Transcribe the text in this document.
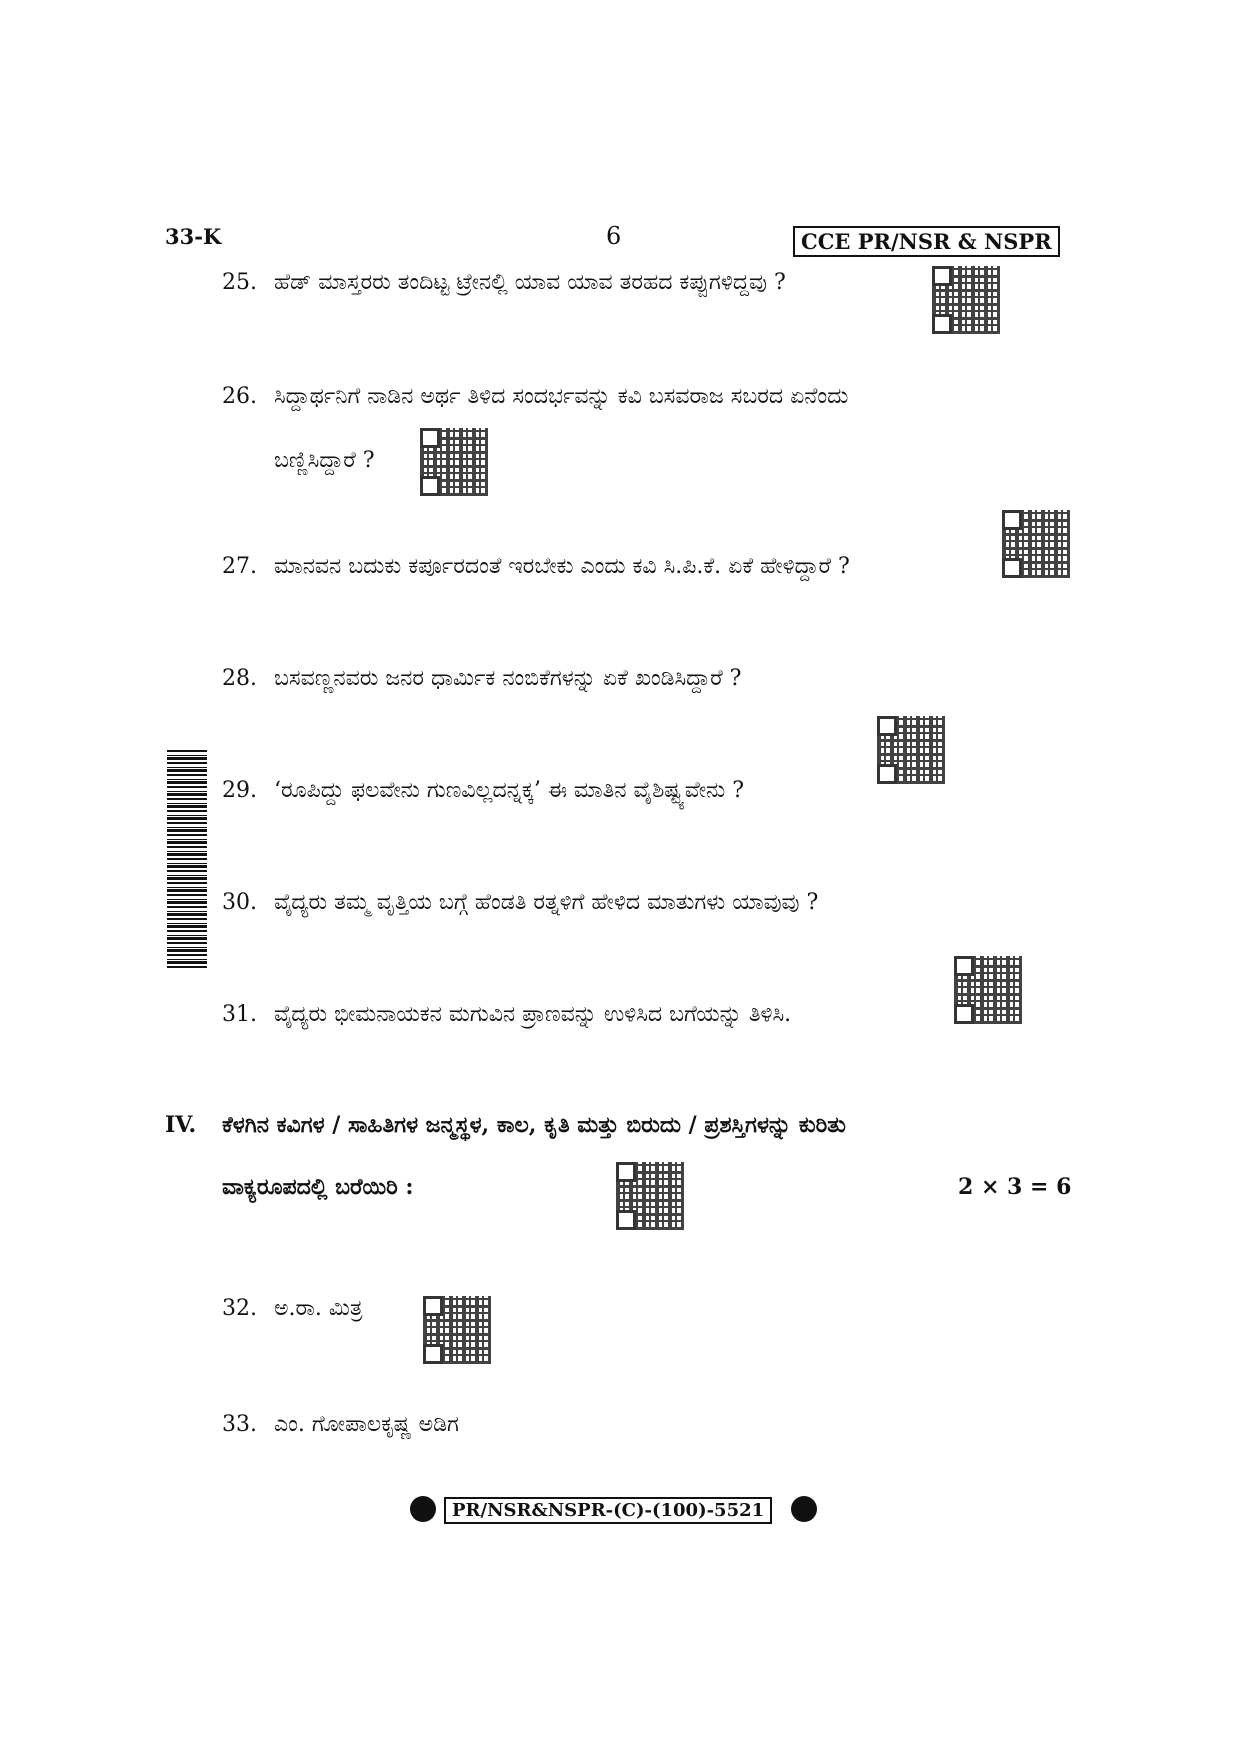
33-K	6	CCE PR/NSR & NSPR
25. ಹೆಡ್ ಮಾಸ್ತರರು ತಂದಿಟ್ಟ ಟ್ರೇನಲ್ಲಿ ಯಾವ ಯಾವ ತರಹದ ಕಪ್ಪುಗಳಿದ್ದವು ?
26. ಸಿದ್ದಾರ್ಥನಿಗೆ ನಾಡಿನ ಅರ್ಥ ತಿಳಿದ ಸಂದರ್ಭವನ್ನು ಕವಿ ಬಸವರಾಜ ಸಬರದ ಏನೆಂದು
ಬಣ್ಣಿಸಿದ್ದಾರೆ ?
27. ಮಾನವನ ಬದುಕು ಕರ್ಪೂರದಂತೆ ಇರಬೇಕು ಎಂದು ಕವಿ ಸಿ.ಪಿ.ಕೆ. ಏಕೆ ಹೇಳಿದ್ದಾರೆ ?
28. ಬಸವಣ್ಣನವರು ಜನರ ಧಾರ್ಮಿಕ ನಂಬಿಕೆಗಳನ್ನು ಏಕೆ ಖಂಡಿಸಿದ್ದಾರೆ ?
29. ‘ರೂಪಿದ್ದು ಫಲವೇನು ಗುಣವಿಲ್ಲದನ್ನಕ್ಕ’ ಈ ಮಾತಿನ ವೈಶಿಷ್ಟ್ಯವೇನು ?
30. ವೈದ್ಯರು ತಮ್ಮ ವೃತ್ತಿಯ ಬಗ್ಗೆ ಹೆಂಡತಿ ರತ್ನಳಿಗೆ ಹೇಳಿದ ಮಾತುಗಳು ಯಾವುವು ?
31. ವೈದ್ಯರು ಭೀಮನಾಯಕನ ಮಗುವಿನ ಪ್ರಾಣವನ್ನು ಉಳಿಸಿದ ಬಗೆಯನ್ನು ತಿಳಿಸಿ.
IV. ಕೆಳಗಿನ ಕವಿಗಳ / ಸಾಹಿತಿಗಳ ಜನ್ಮಸ್ಥಳ, ಕಾಲ, ಕೃತಿ ಮತ್ತು ಬಿರುದು / ಪ್ರಶಸ್ತಿಗಳನ್ನು ಕುರಿತು
ವಾಕ್ಯರೂಪದಲ್ಲಿ ಬರೆಯಿರಿ :	2 × 3 = 6
32. ಅ.ರಾ. ಮಿತ್ರ
33. ಎಂ. ಗೋಪಾಲಕೃಷ್ಣ ಅಡಿಗ
PR/NSR&NSPR-(C)-(100)-5521
